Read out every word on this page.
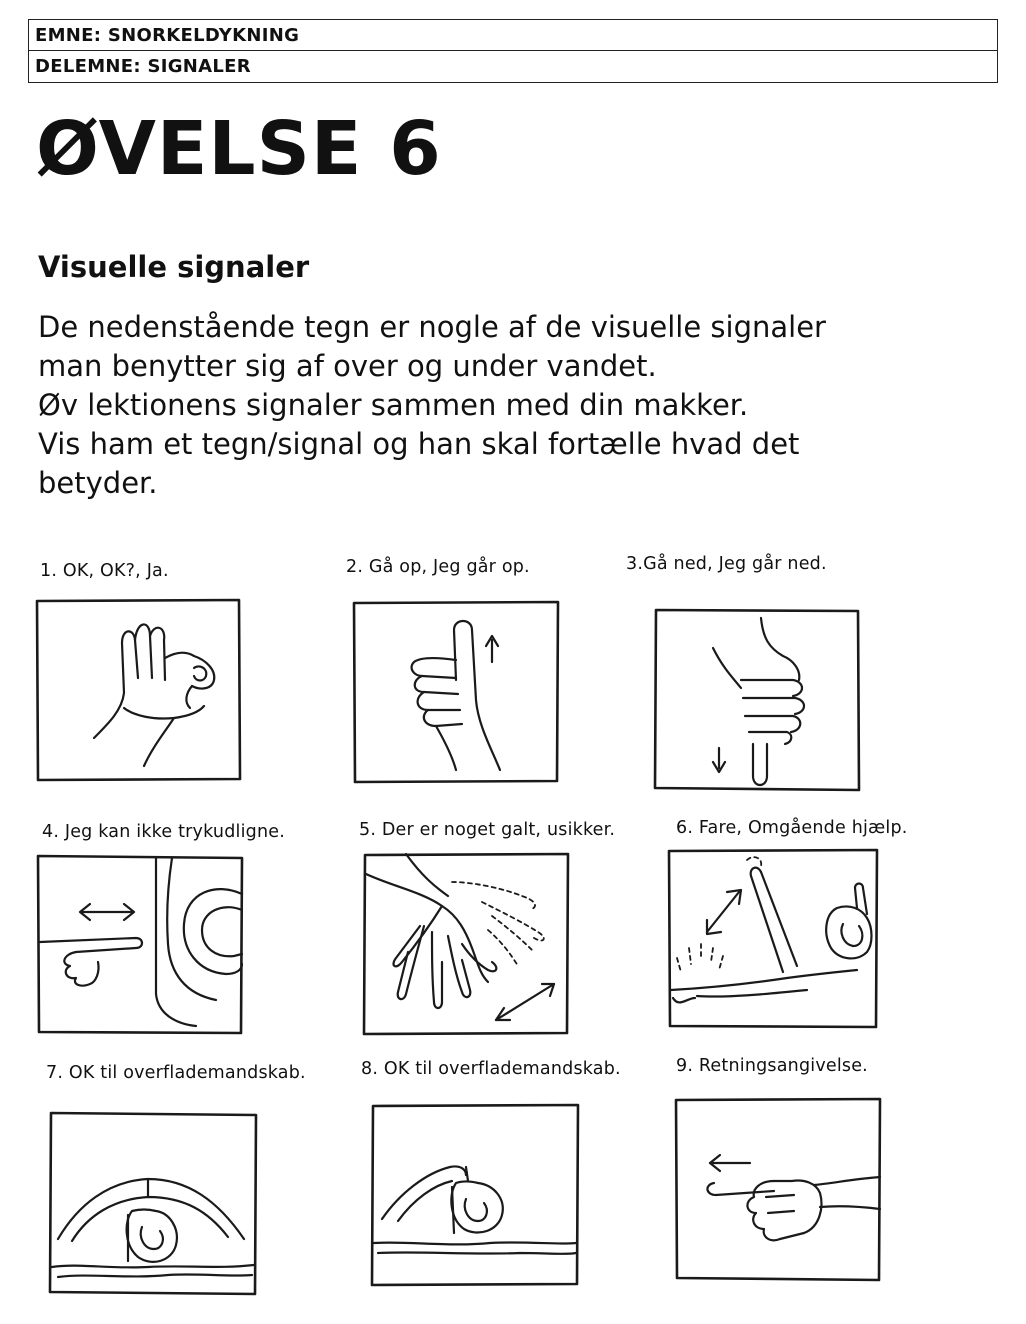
EMNE: SNORKELDYKNING
DELEMNE: SIGNALER
ØVELSE 6
Visuelle signaler
De nedenstående tegn er nogle af de visuelle signaler
man benytter sig af over og under vandet.
Øv lektionens signaler sammen med din makker.
Vis ham et tegn/signal og han skal fortælle hvad det
betyder.
1. OK, OK?, Ja.	2. Gå op, Jeg går op.	3.Gå ned, Jeg går ned.
4. Jeg kan ikke trykudligne.	5. Der er noget galt, usikker.	6. Fare, Omgående hjælp.
7. OK til overflademandskab.	8. OK til overflademandskab.	9. Retningsangivelse.
